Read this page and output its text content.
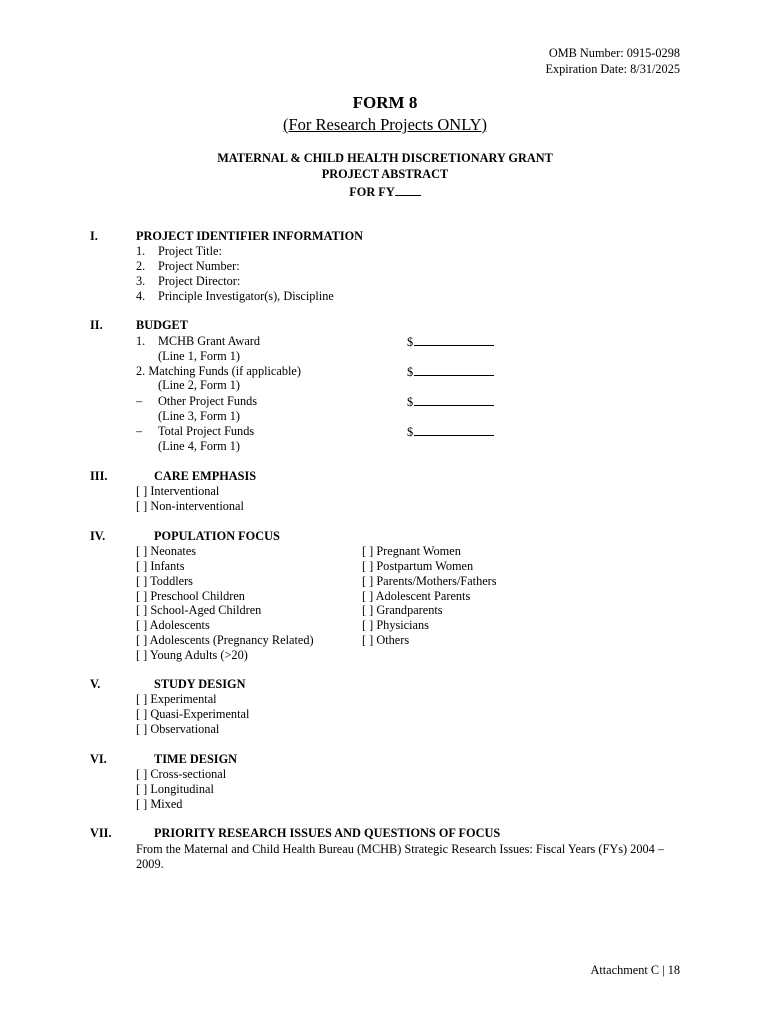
OMB Number: 0915-0298
Expiration Date: 8/31/2025
FORM 8
(For Research Projects ONLY)
MATERNAL & CHILD HEALTH DISCRETIONARY GRANT
PROJECT ABSTRACT
FOR FY
I.	PROJECT IDENTIFIER INFORMATION
1. Project Title:
2. Project Number:
3. Project Director:
4. Principle Investigator(s), Discipline
II.	BUDGET
1. MCHB Grant Award
(Line 1, Form 1)
$
2. Matching Funds (if applicable)
(Line 2, Form 1)
$
– Other Project Funds
(Line 3, Form 1)
$
– Total Project Funds
(Line 4, Form 1)
$
III.	CARE EMPHASIS
[ ] Interventional
[ ] Non-interventional
IV.	POPULATION FOCUS
[ ] Neonates
[ ] Infants
[ ] Toddlers
[ ] Preschool Children
[ ] School-Aged Children
[ ] Adolescents
[ ] Adolescents (Pregnancy Related)
[ ] Young Adults (>20)
[ ] Pregnant Women
[ ] Postpartum Women
[ ] Parents/Mothers/Fathers
[ ] Adolescent Parents
[ ] Grandparents
[ ] Physicians
[ ] Others
V.	STUDY DESIGN
[ ] Experimental
[ ] Quasi-Experimental
[ ] Observational
VI.	TIME DESIGN
[ ] Cross-sectional
[ ] Longitudinal
[ ] Mixed
VII.	PRIORITY RESEARCH ISSUES AND QUESTIONS OF FOCUS
From the Maternal and Child Health Bureau (MCHB) Strategic Research Issues: Fiscal Years (FYs) 2004 – 2009.
Attachment C | 18
